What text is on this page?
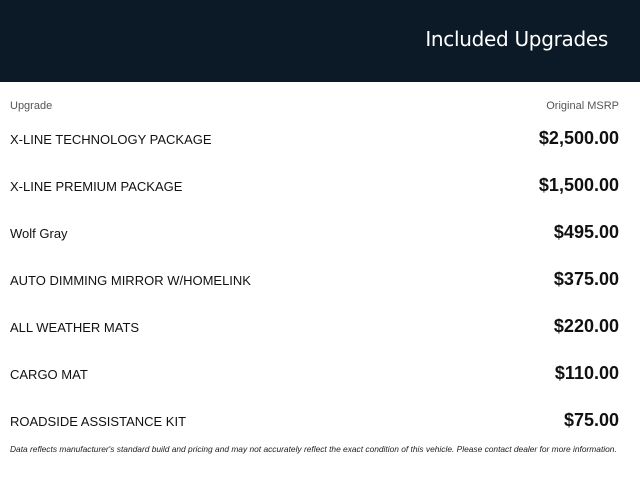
Included Upgrades
Upgrade	Original MSRP
X-LINE TECHNOLOGY PACKAGE	$2,500.00
X-LINE PREMIUM PACKAGE	$1,500.00
Wolf Gray	$495.00
AUTO DIMMING MIRROR W/HOMELINK	$375.00
ALL WEATHER MATS	$220.00
CARGO MAT	$110.00
ROADSIDE ASSISTANCE KIT	$75.00
Data reflects manufacturer's standard build and pricing and may not accurately reflect the exact condition of this vehicle. Please contact dealer for more information.
